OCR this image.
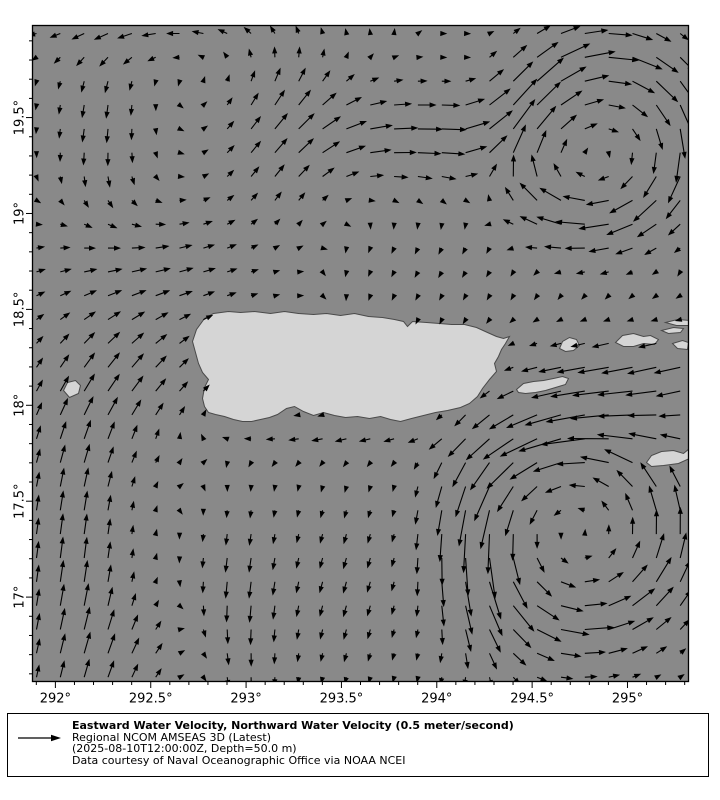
292°	292.5°	293°	293.5°	294°	294.5°	295°
17°
17.5°
18°
18.5°
19°
19.5°
Eastward Water Velocity, Northward Water Velocity (0.5 meter/second)
Regional NCOM AMSEAS 3D (Latest)
(2025-08-10T12:00:00Z, Depth=50.0 m)
Data courtesy of Naval Oceanographic Office via NOAA NCEI
